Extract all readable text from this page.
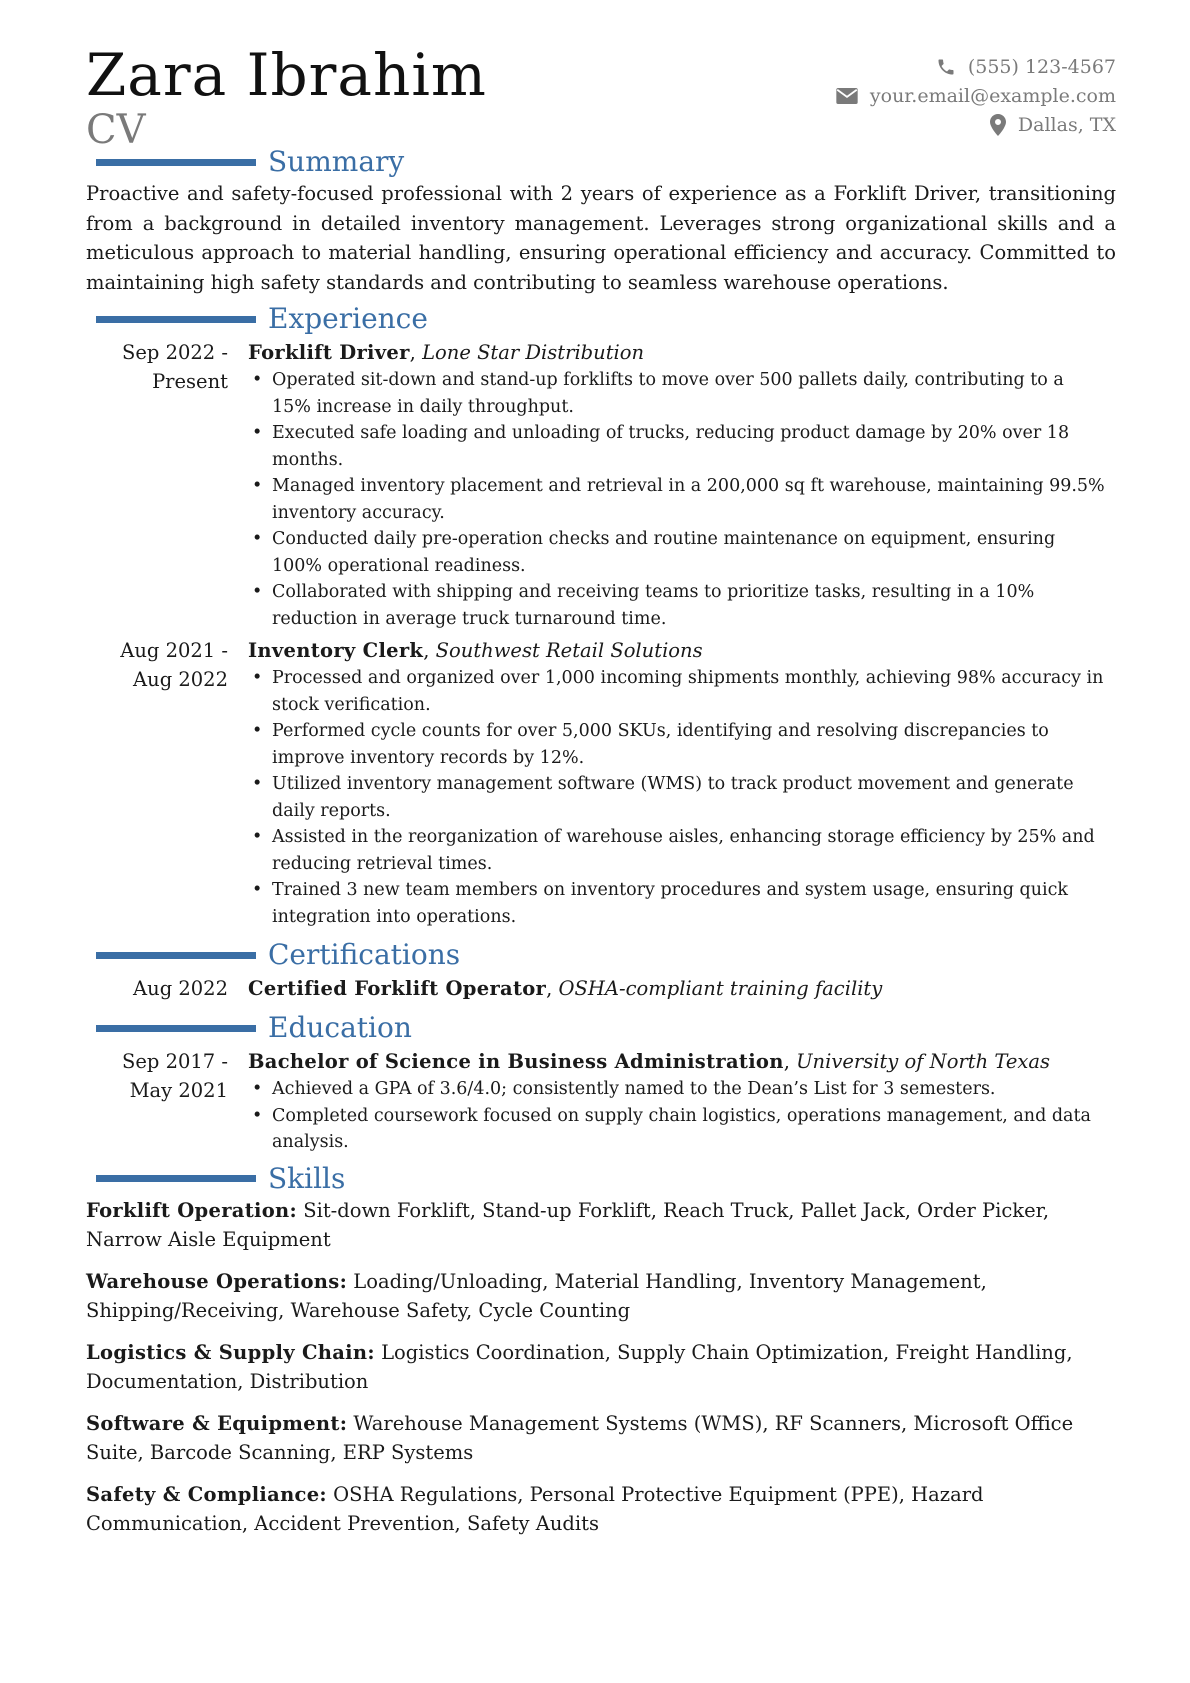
Zara Ibrahim
CV
(555) 123-4567
your.email@example.com
Dallas, TX
Summary
Proactive and safety-focused professional with 2 years of experience as a Forklift Driver, transitioning from a background in detailed inventory management. Leverages strong organizational skills and a meticulous approach to material handling, ensuring operational efficiency and accuracy. Committed to maintaining high safety standards and contributing to seamless warehouse operations.
Experience
Sep 2022 - Present
Forklift Driver, Lone Star Distribution
• Operated sit-down and stand-up forklifts to move over 500 pallets daily, contributing to a 15% increase in daily throughput.
• Executed safe loading and unloading of trucks, reducing product damage by 20% over 18 months.
• Managed inventory placement and retrieval in a 200,000 sq ft warehouse, maintaining 99.5% inventory accuracy.
• Conducted daily pre-operation checks and routine maintenance on equipment, ensuring 100% operational readiness.
• Collaborated with shipping and receiving teams to prioritize tasks, resulting in a 10% reduction in average truck turnaround time.
Aug 2021 - Aug 2022
Inventory Clerk, Southwest Retail Solutions
• Processed and organized over 1,000 incoming shipments monthly, achieving 98% accuracy in stock verification.
• Performed cycle counts for over 5,000 SKUs, identifying and resolving discrepancies to improve inventory records by 12%.
• Utilized inventory management software (WMS) to track product movement and generate daily reports.
• Assisted in the reorganization of warehouse aisles, enhancing storage efficiency by 25% and reducing retrieval times.
• Trained 3 new team members on inventory procedures and system usage, ensuring quick integration into operations.
Certifications
Aug 2022	Certified Forklift Operator, OSHA-compliant training facility
Education
Sep 2017 - May 2021
Bachelor of Science in Business Administration, University of North Texas
• Achieved a GPA of 3.6/4.0; consistently named to the Dean’s List for 3 semesters.
• Completed coursework focused on supply chain logistics, operations management, and data analysis.
Skills
Forklift Operation: Sit-down Forklift, Stand-up Forklift, Reach Truck, Pallet Jack, Order Picker, Narrow Aisle Equipment
Warehouse Operations: Loading/Unloading, Material Handling, Inventory Management, Shipping/Receiving, Warehouse Safety, Cycle Counting
Logistics & Supply Chain: Logistics Coordination, Supply Chain Optimization, Freight Handling, Documentation, Distribution
Software & Equipment: Warehouse Management Systems (WMS), RF Scanners, Microsoft Office Suite, Barcode Scanning, ERP Systems
Safety & Compliance: OSHA Regulations, Personal Protective Equipment (PPE), Hazard Communication, Accident Prevention, Safety Audits
